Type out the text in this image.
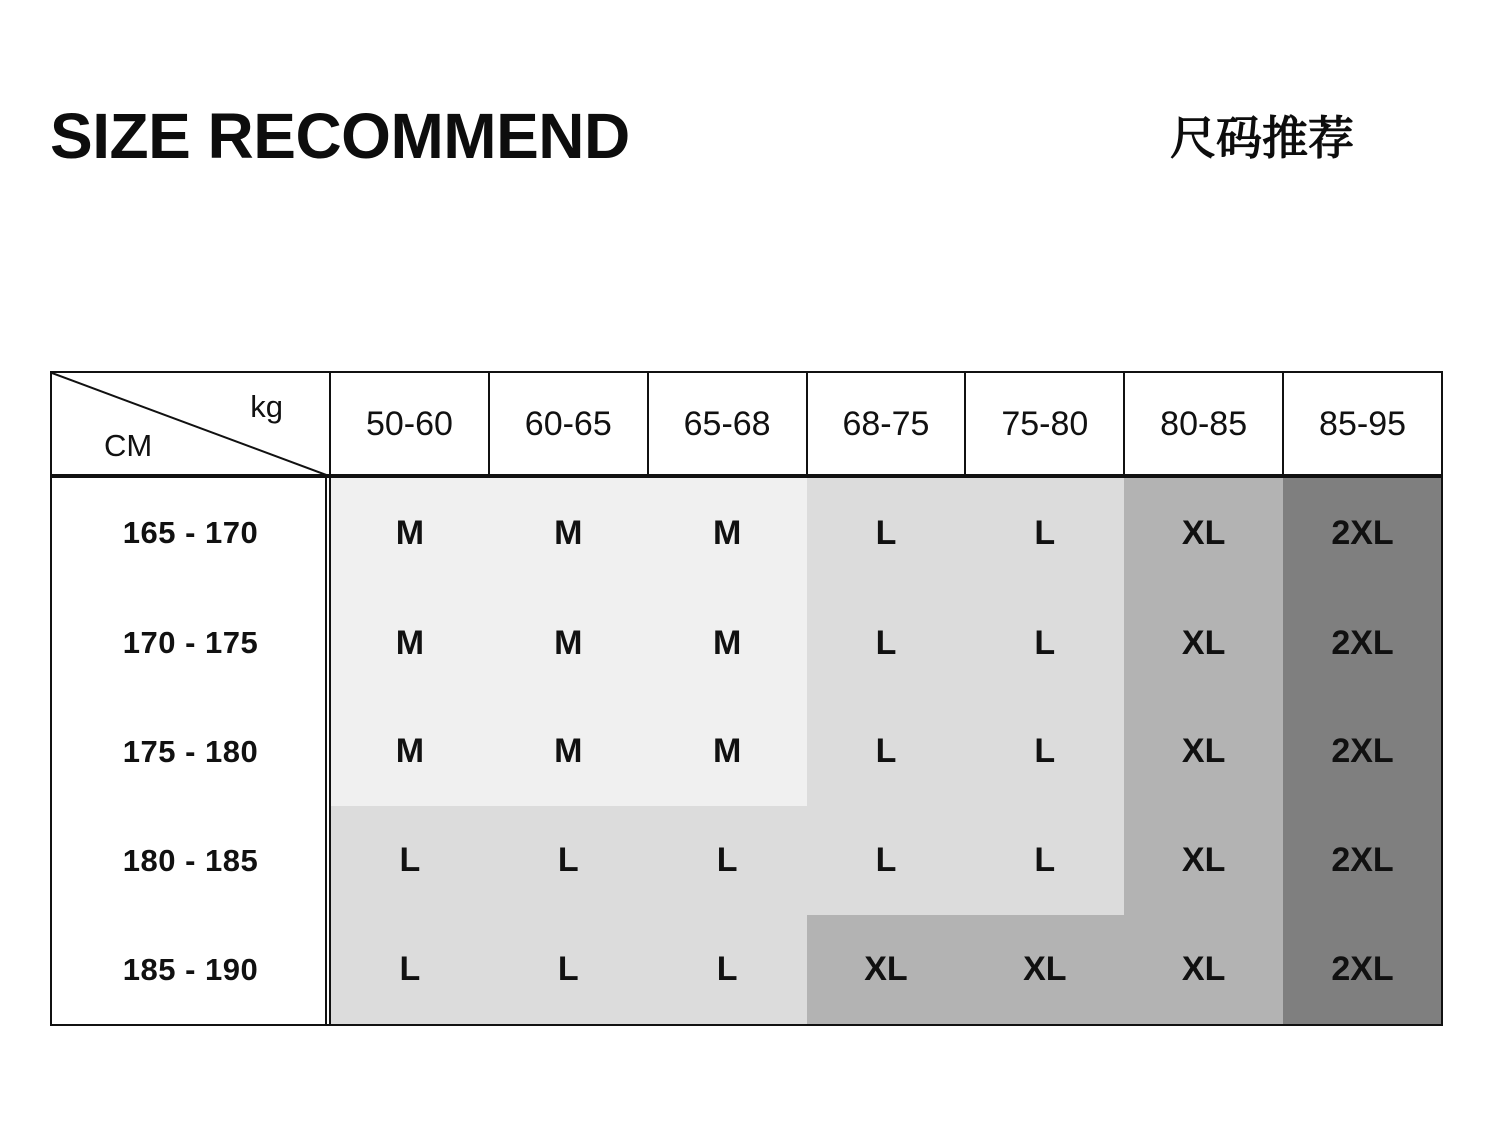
SIZE RECOMMEND	尺码推荐
kg
CM	50-60	60-65	65-68	68-75	75-80	80-85	85-95
165 - 170	M	M	M	L	L	XL	2XL
170 - 175	M	M	M	L	L	XL	2XL
175 - 180	M	M	M	L	L	XL	2XL
180 - 185	L	L	L	L	L	XL	2XL
185 - 190	L	L	L	XL	XL	XL	2XL
